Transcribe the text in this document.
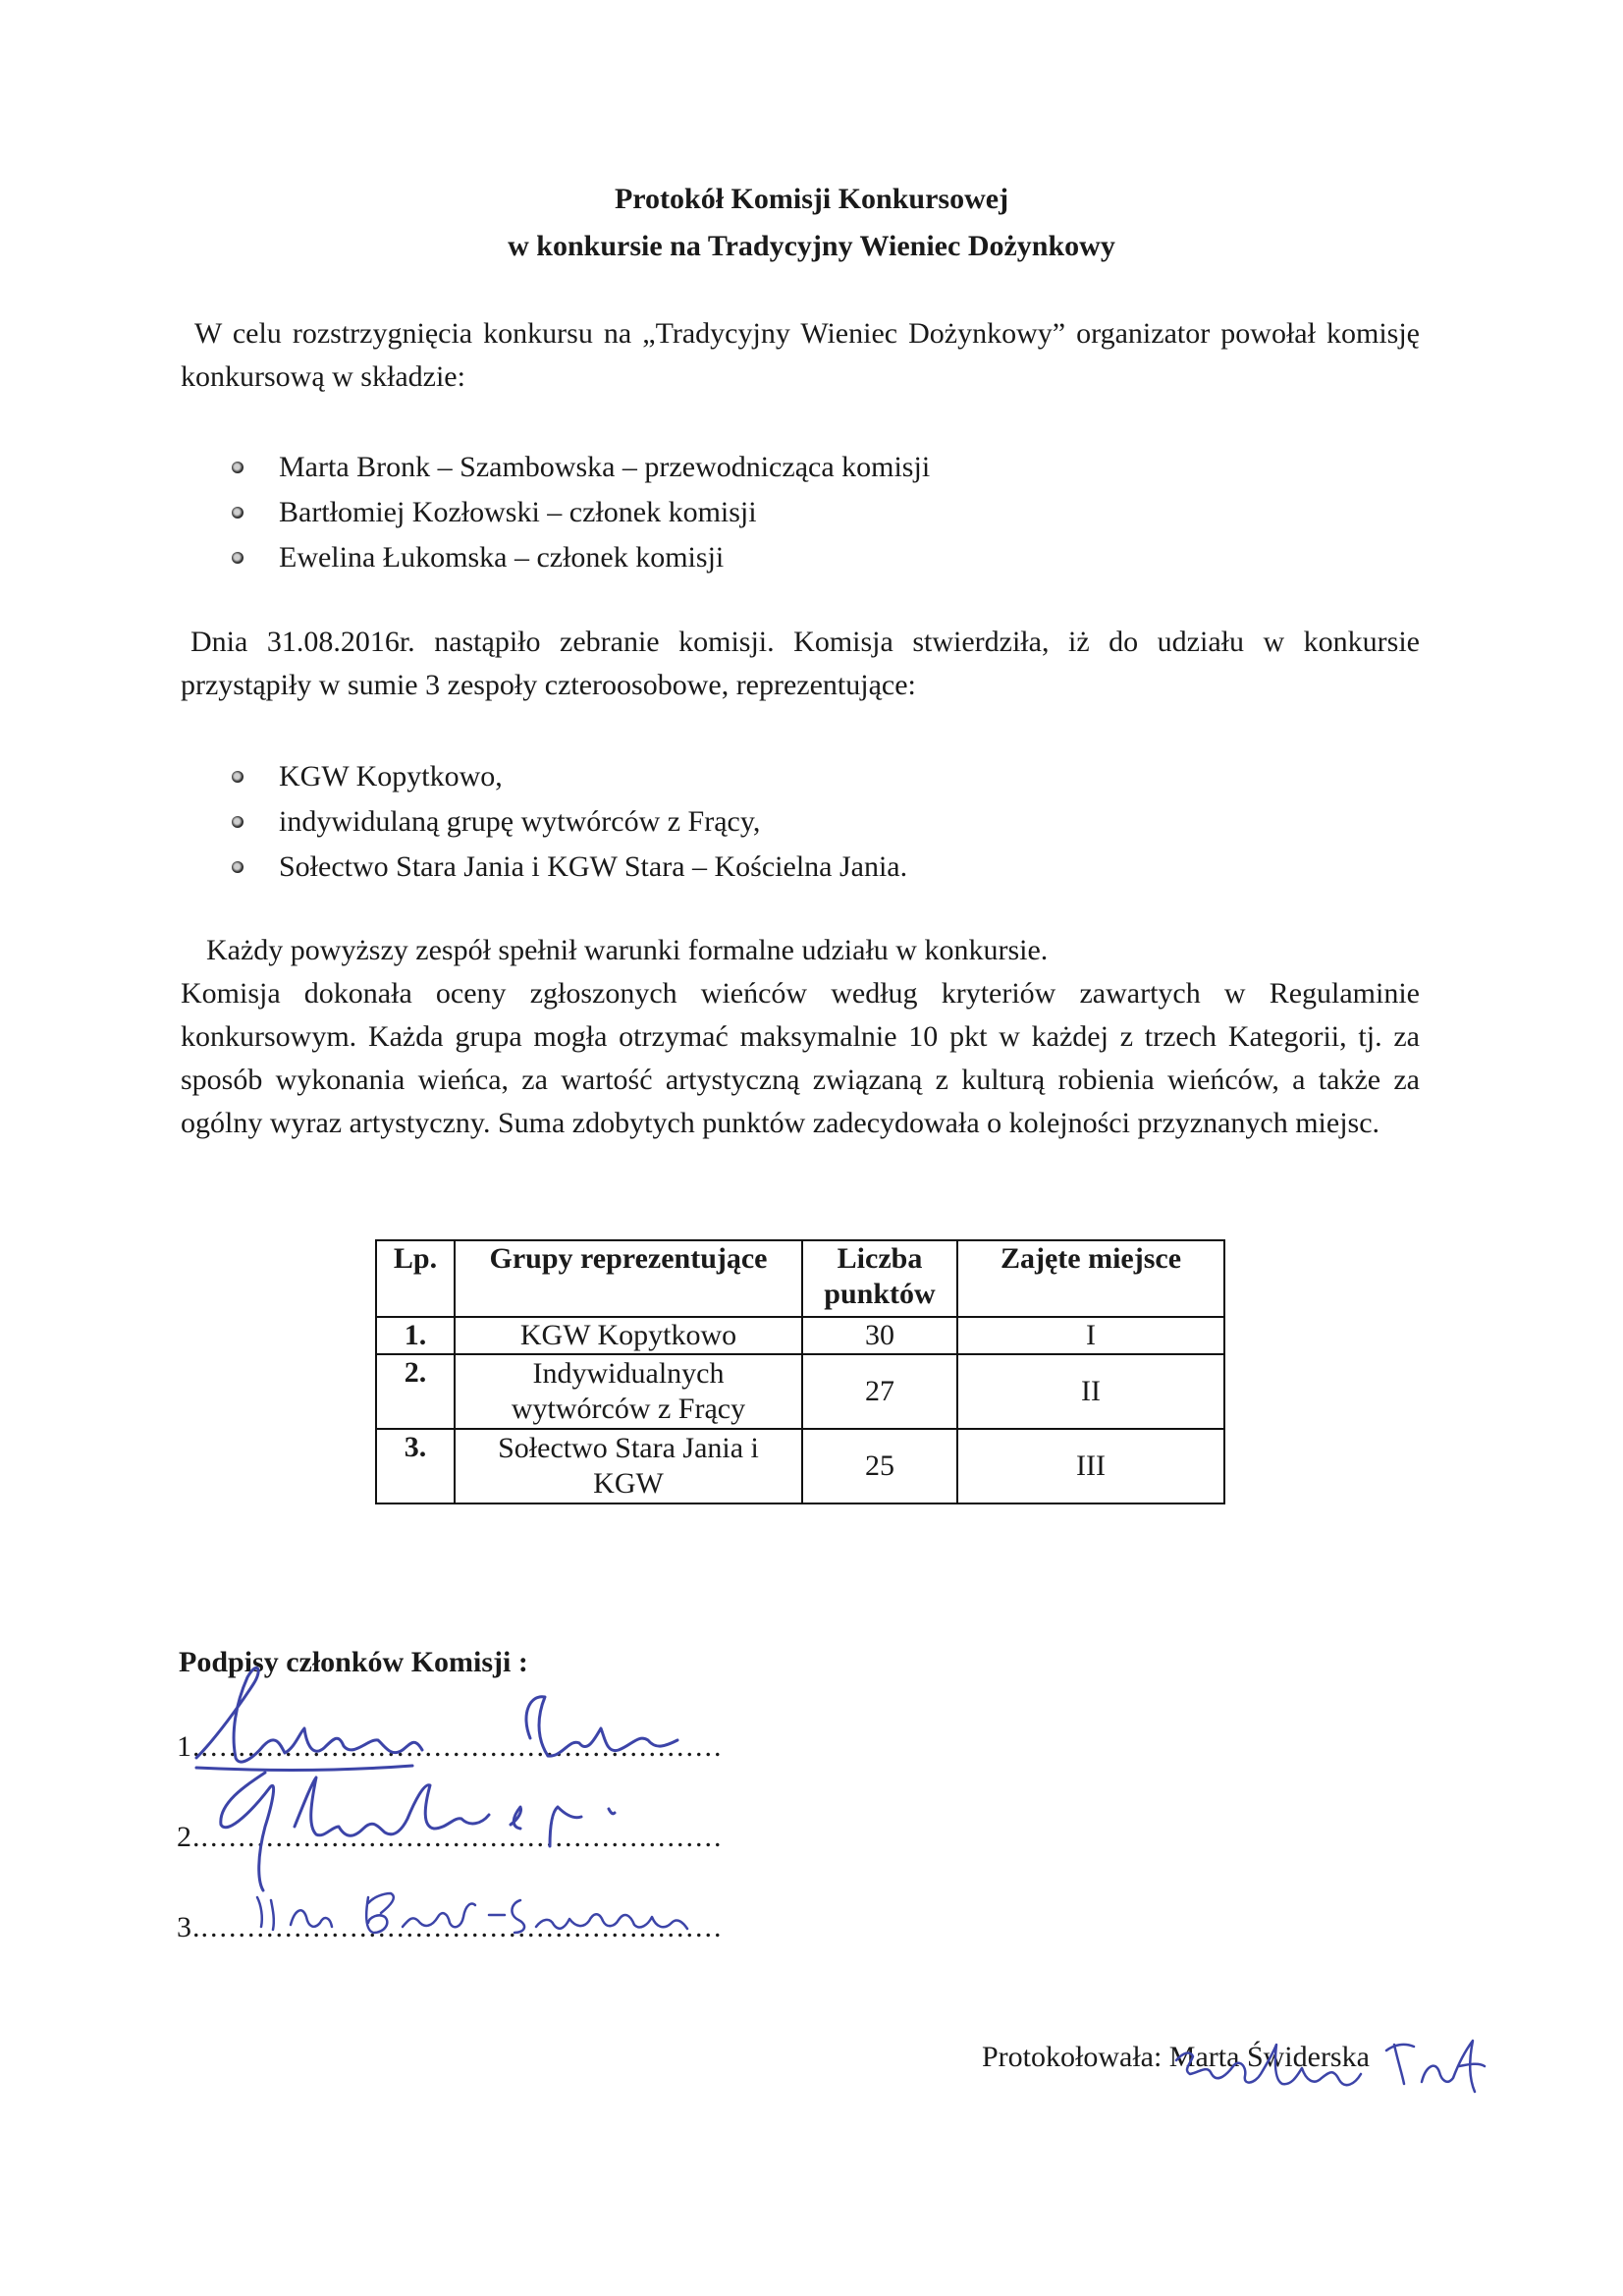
Protokół Komisji Konkursowej
w konkursie na Tradycyjny Wieniec Dożynkowy
W celu rozstrzygnięcia konkursu na „Tradycyjny Wieniec Dożynkowy” organizator powołał komisję konkursową w składzie:
Marta Bronk – Szambowska – przewodnicząca komisji
Bartłomiej Kozłowski – członek komisji
Ewelina Łukomska – członek komisji
Dnia 31.08.2016r. nastąpiło zebranie komisji. Komisja stwierdziła, iż do udziału w konkursie przystąpiły w sumie 3 zespoły czteroosobowe, reprezentujące:
KGW Kopytkowo,
indywidulaną grupę wytwórców z Frący,
Sołectwo Stara Jania i KGW Stara – Kościelna Jania.
Każdy powyższy zespół spełnił warunki formalne udziału w konkursie.
Komisja dokonała oceny zgłoszonych wieńców według kryteriów zawartych w Regulaminie konkursowym. Każda grupa mogła otrzymać maksymalnie 10 pkt w każdej z trzech Kategorii, tj. za sposób wykonania wieńca, za wartość artystyczną związaną z kulturą robienia wieńców, a także za ogólny wyraz artystyczny. Suma zdobytych punktów zadecydowała o kolejności przyznanych miejsc.
Lp.	Grupy reprezentujące	Liczba punktów	Zajęte miejsce
1.	KGW Kopytkowo	30	I
2.	Indywidualnych wytwórców z Frący	27	II
3.	Sołectwo Stara Jania i KGW	25	III
Podpisy członków Komisji :
1.........................................................
2.........................................................
3.........................................................
Protokołowała: Marta Świderska
